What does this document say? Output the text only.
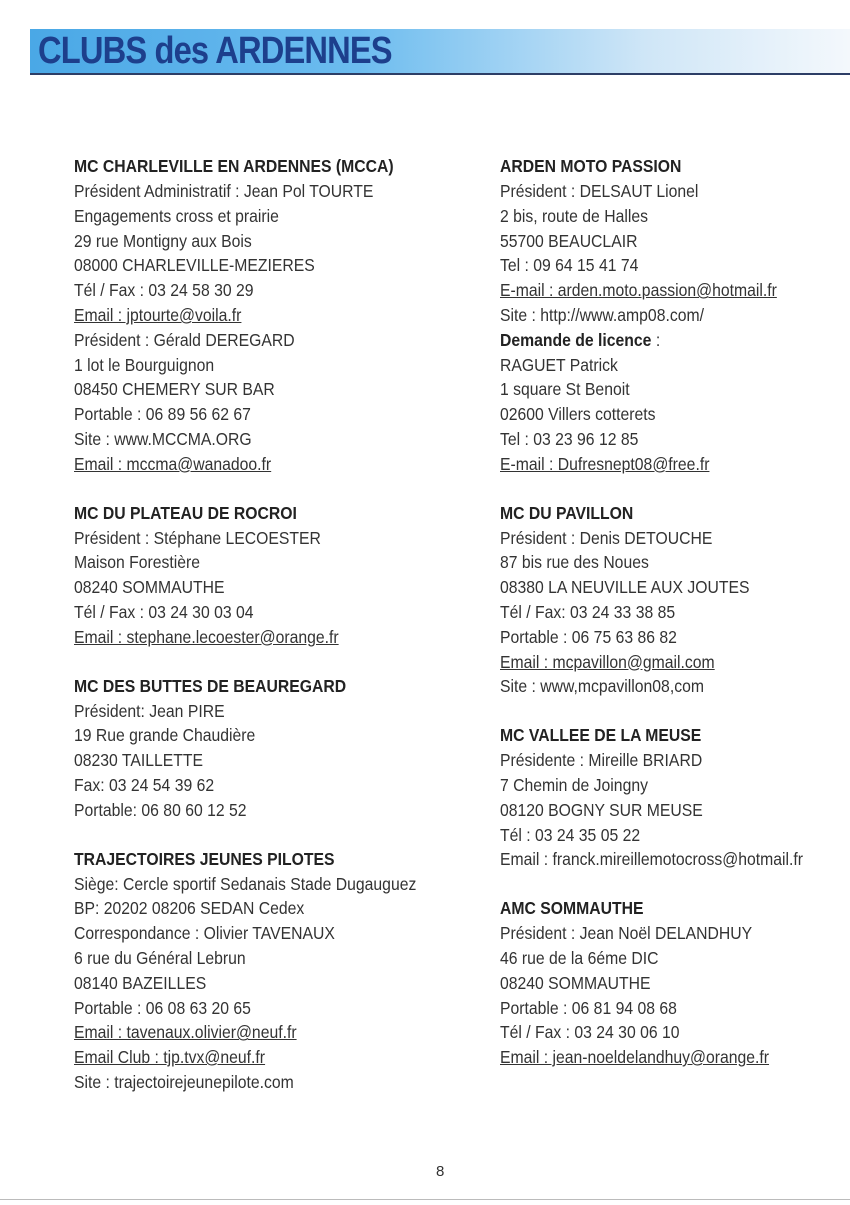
CLUBS des ARDENNES
MC CHARLEVILLE EN ARDENNES (MCCA)
Président Administratif : Jean Pol TOURTE
Engagements cross et prairie
29 rue Montigny aux Bois
08000 CHARLEVILLE-MEZIERES
Tél / Fax : 03 24 58 30 29
Email : jptourte@voila.fr
Président : Gérald DEREGARD
1 lot le Bourguignon
08450 CHEMERY SUR BAR
Portable : 06 89 56 62 67
Site : www.MCCMA.ORG
Email : mccma@wanadoo.fr
MC DU PLATEAU DE ROCROI
Président : Stéphane LECOESTER
Maison Forestière
08240 SOMMAUTHE
Tél / Fax : 03 24 30 03 04
Email : stephane.lecoester@orange.fr
MC DES BUTTES DE BEAUREGARD
Président: Jean PIRE
19 Rue grande Chaudière
08230 TAILLETTE
Fax: 03 24 54 39 62
Portable: 06 80 60 12 52
TRAJECTOIRES JEUNES PILOTES
Siège: Cercle sportif Sedanais Stade Dugauguez
BP: 20202 08206 SEDAN Cedex
Correspondance : Olivier TAVENAUX
6 rue du Général Lebrun
08140 BAZEILLES
Portable : 06 08 63 20 65
Email : tavenaux.olivier@neuf.fr
Email Club : tjp.tvx@neuf.fr
Site : trajectoirejeunepilote.com
ARDEN MOTO PASSION
Président : DELSAUT Lionel
2 bis, route de Halles
55700 BEAUCLAIR
Tel : 09 64 15 41 74
E-mail : arden.moto.passion@hotmail.fr
Site : http://www.amp08.com/
Demande de licence :
RAGUET Patrick
1 square St Benoit
02600 Villers cotterets
Tel : 03 23 96 12 85
E-mail : Dufresnept08@free.fr
MC DU PAVILLON
Président : Denis DETOUCHE
87 bis rue des Noues
08380 LA NEUVILLE AUX JOUTES
Tél / Fax: 03 24 33 38 85
Portable : 06 75 63 86 82
Email : mcpavillon@gmail.com
Site : www,mcpavillon08,com
MC VALLEE DE LA MEUSE
Présidente : Mireille BRIARD
7 Chemin de Joingny
08120 BOGNY SUR MEUSE
Tél : 03 24 35 05 22
Email : franck.mireillemotocross@hotmail.fr
AMC SOMMAUTHE
Président : Jean Noël DELANDHUY
46 rue de la 6éme DIC
08240 SOMMAUTHE
Portable : 06 81 94 08 68
Tél / Fax : 03 24 30 06 10
Email : jean-noeldelandhuy@orange.fr
8
